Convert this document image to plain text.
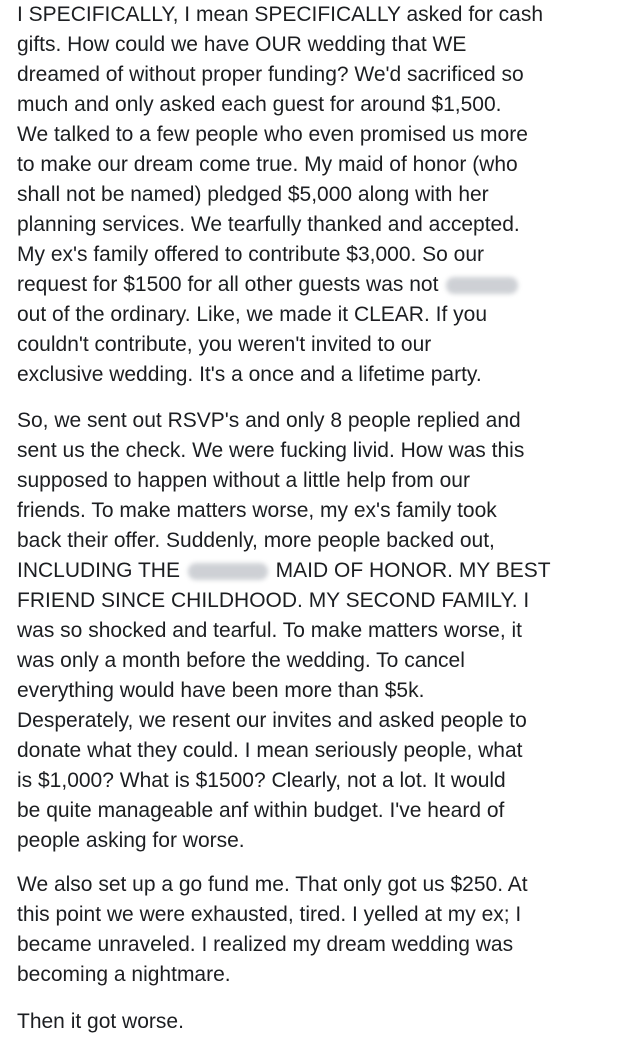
I SPECIFICALLY, I mean SPECIFICALLY asked for cash
gifts. How could we have OUR wedding that WE
dreamed of without proper funding? We'd sacrificed so
much and only asked each guest for around $1,500.
We talked to a few people who even promised us more
to make our dream come true. My maid of honor (who
shall not be named) pledged $5,000 along with her
planning services. We tearfully thanked and accepted.
My ex's family offered to contribute $3,000. So our
request for $1500 for all other guests was not
out of the ordinary. Like, we made it CLEAR. If you
couldn't contribute, you weren't invited to our
exclusive wedding. It's a once and a lifetime party.
So, we sent out RSVP's and only 8 people replied and
sent us the check. We were fucking livid. How was this
supposed to happen without a little help from our
friends. To make matters worse, my ex's family took
back their offer. Suddenly, more people backed out,
INCLUDING THE	MAID OF HONOR. MY BEST
FRIEND SINCE CHILDHOOD. MY SECOND FAMILY. I
was so shocked and tearful. To make matters worse, it
was only a month before the wedding. To cancel
everything would have been more than $5k.
Desperately, we resent our invites and asked people to
donate what they could. I mean seriously people, what
is $1,000? What is $1500? Clearly, not a lot. It would
be quite manageable anf within budget. I've heard of
people asking for worse.
We also set up a go fund me. That only got us $250. At
this point we were exhausted, tired. I yelled at my ex; I
became unraveled. I realized my dream wedding was
becoming a nightmare.
Then it got worse.
